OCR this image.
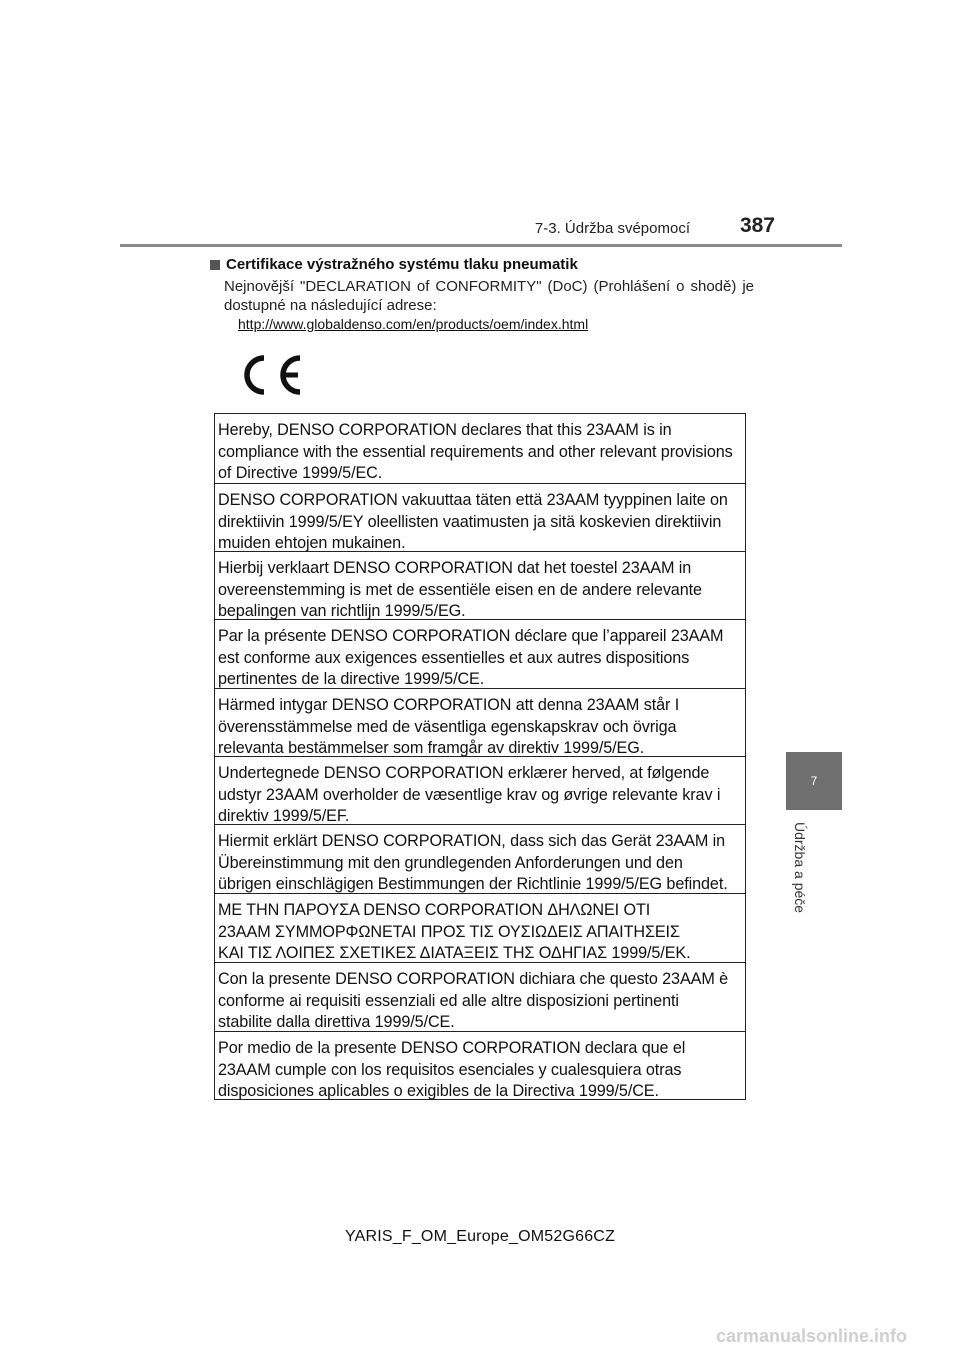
7-3. Údržba svépomocí	387
7
Údržba a péče
Certifikace výstražného systému tlaku pneumatik
Nejnovější "DECLARATION of CONFORMITY" (DoC) (Prohlášení o shodě) je dostupné na následující adrese:
http://www.globaldenso.com/en/products/oem/index.html
Hereby, DENSO CORPORATION declares that this 23AAM is in
compliance with the essential requirements and other relevant provisions
of Directive 1999/5/EC.
DENSO CORPORATION vakuuttaa täten että 23AAM tyyppinen laite on
direktiivin 1999/5/EY oleellisten vaatimusten ja sitä koskevien direktiivin
muiden ehtojen mukainen.
Hierbij verklaart DENSO CORPORATION dat het toestel 23AAM in
overeenstemming is met de essentiële eisen en de andere relevante
bepalingen van richtlijn 1999/5/EG.
Par la présente DENSO CORPORATION déclare que l’appareil 23AAM
est conforme aux exigences essentielles et aux autres dispositions
pertinentes de la directive 1999/5/CE.
Härmed intygar DENSO CORPORATION att denna 23AAM står I
överensstämmelse med de väsentliga egenskapskrav och övriga
relevanta bestämmelser som framgår av direktiv 1999/5/EG.
Undertegnede DENSO CORPORATION erklærer herved, at følgende
udstyr 23AAM overholder de væsentlige krav og øvrige relevante krav i
direktiv 1999/5/EF.
Hiermit erklärt DENSO CORPORATION, dass sich das Gerät 23AAM in
Übereinstimmung mit den grundlegenden Anforderungen und den
übrigen einschlägigen Bestimmungen der Richtlinie 1999/5/EG befindet.
ΜΕ ΤΗΝ ΠΑΡΟΥΣΑ DENSO CORPORATION ΔΗΛΩΝΕΙ ΟΤΙ
23AAM ΣΥΜΜΟΡΦΩΝΕΤΑΙ ΠΡΟΣ ΤΙΣ ΟΥΣΙΩΔΕΙΣ ΑΠΑΙΤΗΣΕΙΣ
ΚΑΙ ΤΙΣ ΛΟΙΠΕΣ ΣΧΕΤΙΚΕΣ ΔΙΑΤΑΞΕΙΣ ΤΗΣ ΟΔΗΓΙΑΣ 1999/5/ΕΚ.
Con la presente DENSO CORPORATION dichiara che questo 23AAM è
conforme ai requisiti essenziali ed alle altre disposizioni pertinenti
stabilite dalla direttiva 1999/5/CE.
Por medio de la presente DENSO CORPORATION declara que el
23AAM cumple con los requisitos esenciales y cualesquiera otras
disposiciones aplicables o exigibles de la Directiva 1999/5/CE.
YARIS_F_OM_Europe_OM52G66CZ
carmanualsonline.info
